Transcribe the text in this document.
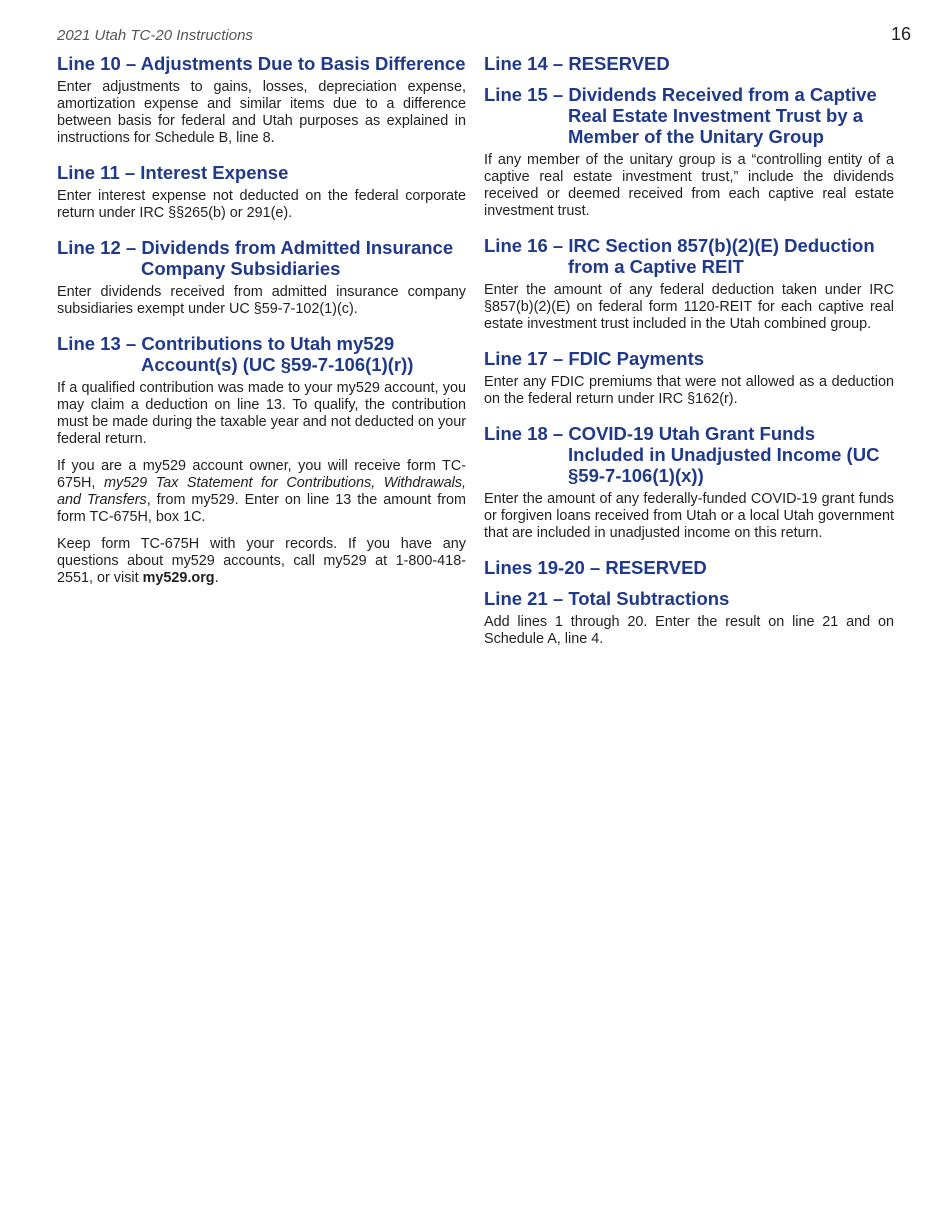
2021 Utah TC-20 Instructions	16
Line 10 – Adjustments Due to Basis Difference

Enter adjustments to gains, losses, depreciation expense, amortization expense and similar items due to a difference between basis for federal and Utah purposes as explained in instructions for Schedule B, line 8.

Line 11 – Interest Expense

Enter interest expense not deducted on the federal corporate return under IRC §§265(b) or 291(e).

Line 12 – Dividends from Admitted Insurance Company Subsidiaries

Enter dividends received from admitted insurance company subsidiaries exempt under UC §59-7-102(1)(c).

Line 13 – Contributions to Utah my529 Account(s) (UC §59-7-106(1)(r))

If a qualified contribution was made to your my529 account, you may claim a deduction on line 13. To qualify, the contribution must be made during the taxable year and not deducted on your federal return.

If you are a my529 account owner, you will receive form TC-675H, my529 Tax Statement for Contributions, Withdrawals, and Transfers, from my529. Enter on line 13 the amount from form TC-675H, box 1C.

Keep form TC-675H with your records. If you have any questions about my529 accounts, call my529 at 1-800-418-2551, or visit my529.org.

Line 14 – RESERVED
Line 15 – Dividends Received from a Captive Real Estate Investment Trust by a Member of the Unitary Group

If any member of the unitary group is a “controlling entity of a captive real estate investment trust,” include the dividends received or deemed received from each captive real estate investment trust.

Line 16 – IRC Section 857(b)(2)(E) Deduction from a Captive REIT

Enter the amount of any federal deduction taken under IRC §857(b)(2)(E) on federal form 1120-REIT for each captive real estate investment trust included in the Utah combined group.

Line 17 – FDIC Payments

Enter any FDIC premiums that were not allowed as a deduction on the federal return under IRC §162(r).

Line 18 – COVID-19 Utah Grant Funds Included in Unadjusted Income (UC §59-7-106(1)(x))

Enter the amount of any federally-funded COVID-19 grant funds or forgiven loans received from Utah or a local Utah government that are included in unadjusted income on this return.

Lines 19-20 – RESERVED
Line 21 – Total Subtractions

Add lines 1 through 20. Enter the result on line 21 and on Schedule A, line 4.
